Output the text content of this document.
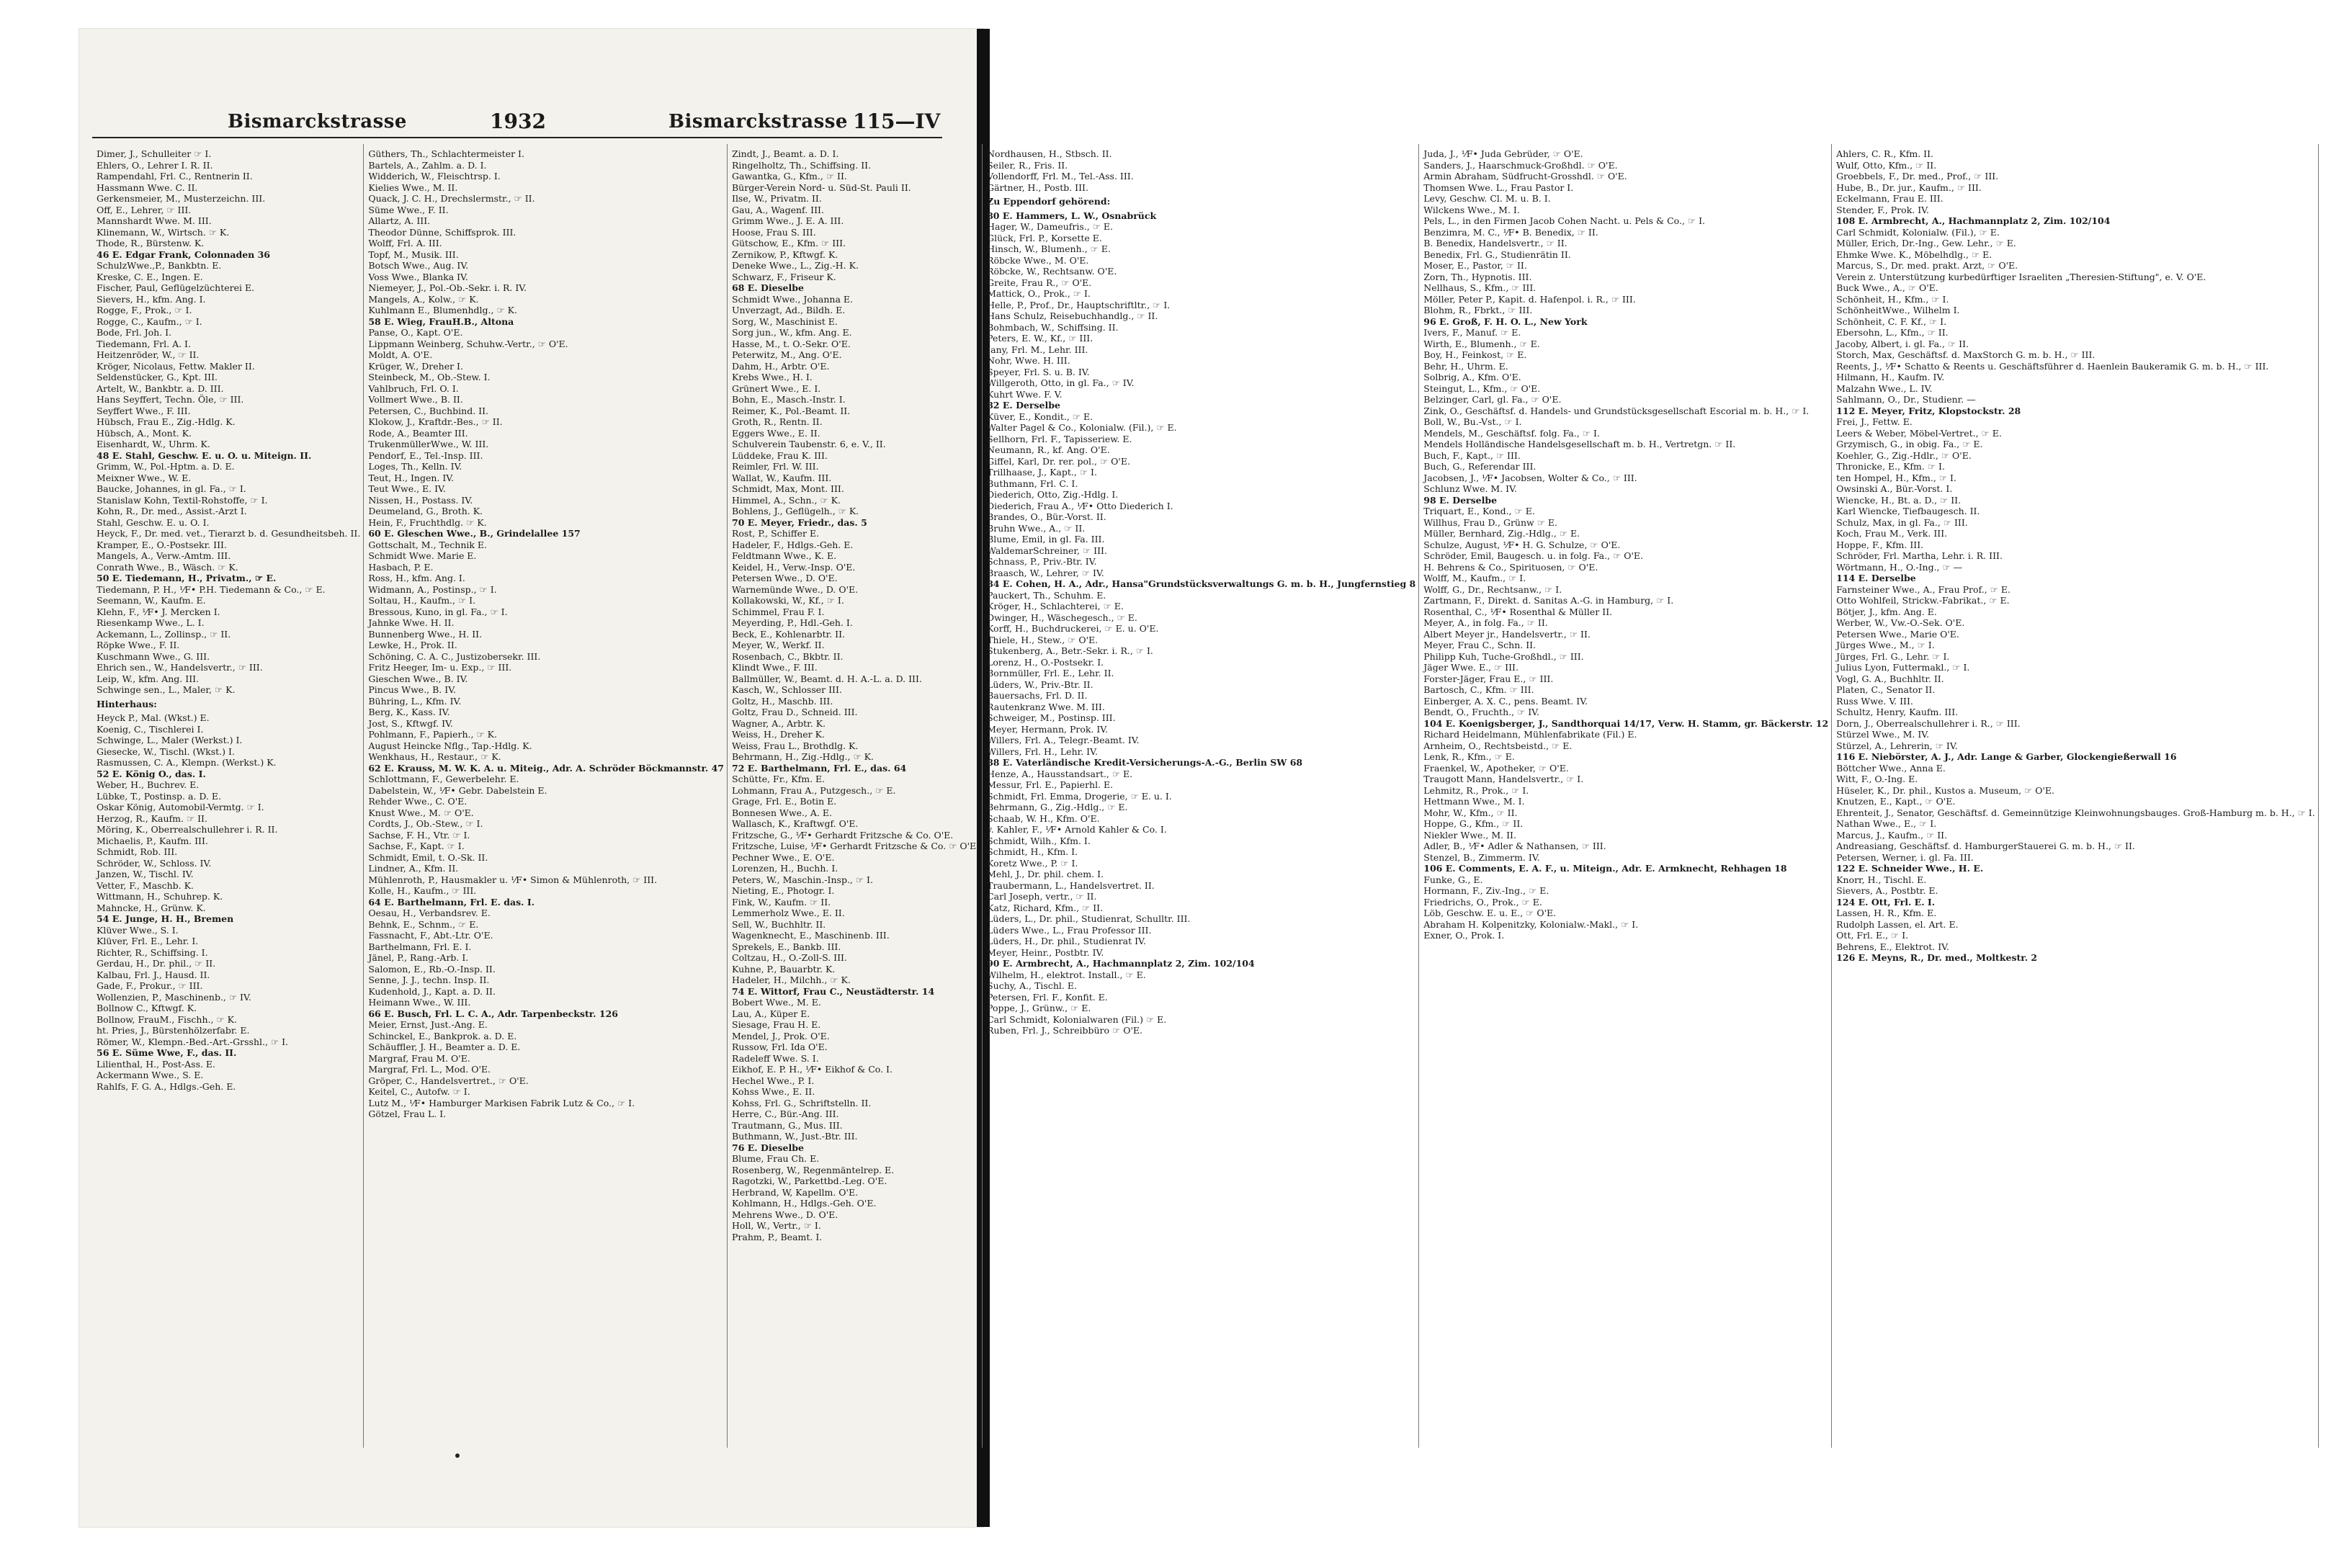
Bismarckstrasse	1932	Bismarckstrasse 115—IV
Dimer, J., Schulleiter ☞ I.
Ehlers, O., Lehrer I. R. II.
Rampendahl, Frl. C., Rentnerin II.
Hassmann Wwe. C. II.
Gerkensmeier, M., Musterzeichn. III.
Off, E., Lehrer, ☞ III.
Mannshardt Wwe. M. III.
Klinemann, W., Wirtsch. ☞ K.
Thode, R., Bürstenw. K.
46 E. Edgar Frank, Colonnaden 36
SchulzWwe.,P., Bankbtn. E.
Kreske, C. E., Ingen. E.
Fischer, Paul, Geflügelzüchterei E.
Sievers, H., kfm. Ang. I.
Rogge, F., Prok., ☞ I.
Rogge, C., Kaufm., ☞ I.
Bode, Frl. Joh. I.
Tiedemann, Frl. A. I.
Heitzenröder, W., ☞ II.
Kröger, Nicolaus, Fettw. Makler II.
Seldenstücker, G., Kpt. III.
Artelt, W., Bankbtr. a. D. III.
Hans Seyffert, Techn. Öle, ☞ III.
Seyffert Wwe., F. III.
Hübsch, Frau E., Zig.-Hdlg. K.
Hübsch, A., Mont. K.
Eisenhardt, W., Uhrm. K.
48 E. Stahl, Geschw. E. u. O. u. Miteign. II.
Grimm, W., Pol.-Hptm. a. D. E.
Meixner Wwe., W. E.
Baucke, Johannes, in gl. Fa., ☞ I.
Stanislaw Kohn, Textil-Rohstoffe, ☞ I.
Kohn, R., Dr. med., Assist.-Arzt I.
Stahl, Geschw. E. u. O. I.
Heyck, F., Dr. med. vet., Tierarzt b. d. Gesundheitsbeh. II.
Kramper, E., O.-Postsekr. III.
Mangels, A., Verw.-Amtm. III.
Conrath Wwe., B., Wäsch. ☞ K.
50 E. Tiedemann, H., Privatm., ☞ E.
Tiedemann, P. H., ⅟F• P.H. Tiedemann & Co., ☞ E.
Seemann, W., Kaufm. E.
Klehn, F., ⅟F• J. Mercken I.
Riesenkamp Wwe., L. I.
Ackemann, L., Zollinsp., ☞ II.
Röpke Wwe., F. II.
Kuschmann Wwe., G. III.
Ehrich sen., W., Handelsvertr., ☞ III.
Leip, W., kfm. Ang. III.
Schwinge sen., L., Maler, ☞ K.
Hinterhaus:
Heyck P., Mal. (Wkst.) E.
Koenig, C., Tischlerei I.
Schwinge, L., Maler (Werkst.) I.
Giesecke, W., Tischl. (Wkst.) I.
Rasmussen, C. A., Klempn. (Werkst.) K.
52 E. König O., das. I.
Weber, H., Buchrev. E.
Lübke, T., Postinsp. a. D. E.
Oskar König, Automobil-Vermtg. ☞ I.
Herzog, R., Kaufm. ☞ II.
Möring, K., Oberrealschullehrer i. R. II.
Michaelis, P., Kaufm. III.
Schmidt, Rob. III.
Schröder, W., Schloss. IV.
Janzen, W., Tischl. IV.
Vetter, F., Maschb. K.
Wittmann, H., Schuhrep. K.
Mahncke, H., Grünw. K.
54 E. Junge, H. H., Bremen
Klüver Wwe., S. I.
Klüver, Frl. E., Lehr. I.
Richter, R., Schiffsing. I.
Gerdau, H., Dr. phil., ☞ II.
Kalbau, Frl. J., Hausd. II.
Gade, F., Prokur., ☞ III.
Wollenzien, P., Maschinenb., ☞ IV.
Bollnow C., Kftwgf. K.
Bollnow, FrauM., Fischh., ☞ K.
ht. Pries, J., Bürstenhölzerfabr. E.
Römer, W., Klempn.-Bed.-Art.-Grsshl., ☞ I.
56 E. Süme Wwe, F., das. II.
Lilienthal, H., Post-Ass. E.
Ackermann Wwe., S. E.
Rahlfs, F. G. A., Hdlgs.-Geh. E.
Güthers, Th., Schlachtermeister I.
Bartels, A., Zahlm. a. D. I.
Widderich, W., Fleischtrsp. I.
Kielies Wwe., M. II.
Quack, J. C. H., Drechslermstr., ☞ II.
Süme Wwe., F. II.
Allartz, A. III.
Theodor Dünne, Schiffsprok. III.
Wolff, Frl. A. III.
Topf, M., Musik. III.
Botsch Wwe., Aug. IV.
Voss Wwe., Blanka IV.
Niemeyer, J., Pol.-Ob.-Sekr. i. R. IV.
Mangels, A., Kolw., ☞ K.
Kuhlmann E., Blumenhdlg., ☞ K.
58 E. Wieg, FrauH.B., Altona
Panse, O., Kapt. O'E.
Lippmann Weinberg, Schuhw.-Vertr., ☞ O'E.
Moldt, A. O'E.
Krüger, W., Dreher I.
Steinbeck, M., Ob.-Stew. I.
Vahlbruch, Frl. O. I.
Vollmert Wwe., B. II.
Petersen, C., Buchbind. II.
Klokow, J., Kraftdr.-Bes., ☞ II.
Rode, A., Beamter III.
TrukenmüllerWwe., W. III.
Pendorf, E., Tel.-Insp. III.
Loges, Th., Kelln. IV.
Teut, H., Ingen. IV.
Teut Wwe., E. IV.
Nissen, H., Postass. IV.
Deumeland, G., Broth. K.
Hein, F., Fruchthdlg. ☞ K.
60 E. Gleschen Wwe., B., Grindelallee 157
Gottschalt, M., Technik E.
Schmidt Wwe. Marie E.
Hasbach, P. E.
Ross, H., kfm. Ang. I.
Widmann, A., Postinsp., ☞ I.
Soltau, H., Kaufm., ☞ I.
Bressous, Kuno, in gl. Fa., ☞ I.
Jahnke Wwe. H. II.
Bunnenberg Wwe., H. II.
Lewke, H., Prok. II.
Schöning, C. A. C., Justizobersekr. III.
Fritz Heeger, Im- u. Exp., ☞ III.
Gieschen Wwe., B. IV.
Pincus Wwe., B. IV.
Bühring, L., Kfm. IV.
Berg, K., Kass. IV.
Jost, S., Kftwgf. IV.
Pohlmann, F., Papierh., ☞ K.
August Heincke Nflg., Tap.-Hdlg. K.
Wenkhaus, H., Restaur., ☞ K.
62 E. Krauss, M. W. K. A. u. Miteig., Adr. A. Schröder Böckmannstr. 47
Schlottmann, F., Gewerbelehr. E.
Dabelstein, W., ⅟F• Gebr. Dabelstein E.
Rehder Wwe., C. O'E.
Knust Wwe., M. ☞ O'E.
Cordts, J., Ob.-Stew., ☞ I.
Sachse, F. H., Vtr. ☞ I.
Sachse, F., Kapt. ☞ I.
Schmidt, Emil, t. O.-Sk. II.
Lindner, A., Kfm. II.
Mühlenroth, P., Hausmakler u. ⅟F• Simon & Mühlenroth, ☞ III.
Kolle, H., Kaufm., ☞ III.
64 E. Barthelmann, Frl. E. das. I.
Oesau, H., Verbandsrev. E.
Behnk, E., Schnm., ☞ E.
Fassnacht, F., Abt.-Ltr. O'E.
Barthelmann, Frl. E. I.
Jänel, P., Rang.-Arb. I.
Salomon, E., Rb.-O.-Insp. II.
Senne, J. J., techn. Insp. II.
Kudenhold, J., Kapt. a. D. II.
Heimann Wwe., W. III.
66 E. Busch, Frl. L. C. A., Adr. Tarpenbeckstr. 126
Meier, Ernst, Just.-Ang. E.
Schinckel, E., Bankprok. a. D. E.
Schäuffler, J. H., Beamter a. D. E.
Margraf, Frau M. O'E.
Margraf, Frl. L., Mod. O'E.
Gröper, C., Handelsvertret., ☞ O'E.
Keitel, C., Autofw. ☞ I.
Lutz M., ⅟F• Hamburger Markisen Fabrik Lutz & Co., ☞ I.
Götzel, Frau L. I.
Zindt, J., Beamt. a. D. I.
Ringelholtz, Th., Schiffsing. II.
Gawantka, G., Kfm., ☞ II.
Bürger-Verein Nord- u. Süd-St. Pauli II.
Ilse, W., Privatm. II.
Gau, A., Wagenf. III.
Grimm Wwe., J. E. A. III.
Hoose, Frau S. III.
Gütschow, E., Kfm. ☞ III.
Zernikow, P., Kftwgf. K.
Deneke Wwe., L., Zig.-H. K.
Schwarz, F., Friseur K.
68 E. Dieselbe
Schmidt Wwe., Johanna E.
Unverzagt, Ad., Bildh. E.
Sorg, W., Maschinist E.
Sorg jun., W., kfm. Ang. E.
Hasse, M., t. O.-Sekr. O'E.
Peterwitz, M., Ang. O'E.
Dahm, H., Arbtr. O'E.
Krebs Wwe., H. I.
Grünert Wwe., E. I.
Bohn, E., Masch.-Instr. I.
Reimer, K., Pol.-Beamt. II.
Groth, R., Rentn. II.
Eggers Wwe., E. II.
Schulverein Taubenstr. 6, e. V., II.
Lüddeke, Frau K. III.
Reimler, Frl. W. III.
Wallat, W., Kaufm. III.
Schmidt, Max, Mont. III.
Himmel, A., Schn., ☞ K.
Bohlens, J., Geflügelh., ☞ K.
70 E. Meyer, Friedr., das. 5
Rost, P., Schiffer E.
Hadeler, F., Hdlgs.-Geh. E.
Feldtmann Wwe., K. E.
Keidel, H., Verw.-Insp. O'E.
Petersen Wwe., D. O'E.
Warnemünde Wwe., D. O'E.
Kollakowski, W., Kf., ☞ I.
Schimmel, Frau F. I.
Meyerding, P., Hdl.-Geh. I.
Beck, E., Kohlenarbtr. II.
Meyer, W., Werkf. II.
Rosenbach, C., Bkbtr. II.
Klindt Wwe., F. III.
Ballmüller, W., Beamt. d. H. A.-L. a. D. III.
Kasch, W., Schlosser III.
Goltz, H., Maschb. III.
Goltz, Frau D., Schneid. III.
Wagner, A., Arbtr. K.
Weiss, H., Dreher K.
Weiss, Frau L., Brothdlg. K.
Behrmann, H., Zig.-Hdlg., ☞ K.
72 E. Barthelmann, Frl. E., das. 64
Schütte, Fr., Kfm. E.
Lohmann, Frau A., Putzgesch., ☞ E.
Grage, Frl. E., Botin E.
Bonnesen Wwe., A. E.
Wallasch, K., Kraftwgf. O'E.
Fritzsche, G., ⅟F• Gerhardt Fritzsche & Co. O'E.
Fritzsche, Luise, ⅟F• Gerhardt Fritzsche & Co. ☞ O'E.
Pechner Wwe., E. O'E.
Lorenzen, H., Buchh. I.
Peters, W., Maschin.-Insp., ☞ I.
Nieting, E., Photogr. I.
Fink, W., Kaufm. ☞ II.
Lemmerholz Wwe., E. II.
Sell, W., Buchhltr. II.
Wagenknecht, E., Maschinenb. III.
Sprekels, E., Bankb. III.
Coltzau, H., O.-Zoll-S. III.
Kuhne, P., Bauarbtr. K.
Hadeler, H., Milchh., ☞ K.
74 E. Wittorf, Frau C., Neustädterstr. 14
Bobert Wwe., M. E.
Lau, A., Küper E.
Siesage, Frau H. E.
Mendel, J., Prok. O'E.
Russow, Frl. Ida O'E.
Radeleff Wwe. S. I.
Eikhof, E. P. H., ⅟F• Eikhof & Co. I.
Hechel Wwe., P. I.
Kohss Wwe., E. II.
Kohss, Frl. G., Schriftstelln. II.
Herre, C., Bür.-Ang. III.
Trautmann, G., Mus. III.
Buthmann, W., Just.-Btr. III.
76 E. Dieselbe
Blume, Frau Ch. E.
Rosenberg, W., Regenmäntelrep. E.
Ragotzki, W., Parkettbd.-Leg. O'E.
Herbrand, W, Kapellm. O'E.
Kohlmann, H., Hdlgs.-Geh. O'E.
Mehrens Wwe., D. O'E.
Holl, W., Vertr., ☞ I.
Prahm, P., Beamt. I.
Nordhausen, H., Stbsch. II.
Seiler, R., Fris. II.
Vollendorff, Frl. M., Tel.-Ass. III.
Gärtner, H., Postb. III.
Zu Eppendorf gehörend:
80 E. Hammers, L. W., Osnabrück
Hager, W., Dameufris., ☞ E.
Glück, Frl. P., Korsette E.
Hinsch, W., Blumenh., ☞ E.
Röbcke Wwe., M. O'E.
Röbcke, W., Rechtsanw. O'E.
Greite, Frau R., ☞ O'E.
Mattick, O., Prok., ☞ I.
Helle, P., Prof., Dr., Hauptschriftltr., ☞ I.
Hans Schulz, Reisebuchhandlg., ☞ II.
Bohmbach, W., Schiffsing. II.
Peters, E. W., Kf., ☞ III.
Jany, Frl. M., Lehr. III.
Nohr, Wwe. H. III.
Speyer, Frl. S. u. B. IV.
Willgeroth, Otto, in gl. Fa., ☞ IV.
Kuhrt Wwe. F. V.
82 E. Derselbe
Küver, E., Kondit., ☞ E.
Walter Pagel & Co., Kolonialw. (Fil.), ☞ E.
Sellhorn, Frl. F., Tapisseriew. E.
Neumann, R., kf. Ang. O'E.
Giffel, Karl, Dr. rer. pol., ☞ O'E.
Trillhaase, J., Kapt., ☞ I.
Buthmann, Frl. C. I.
Diederich, Otto, Zig.-Hdlg. I.
Diederich, Frau A., ⅟F• Otto Diederich I.
Brandes, O., Bür.-Vorst. II.
Bruhn Wwe., A., ☞ II.
Blume, Emil, in gl. Fa. III.
WaldemarSchreiner, ☞ III.
Schnass, P., Priv.-Btr. IV.
Braasch, W., Lehrer, ☞ IV.
84 E. Cohen, H. A., Adr., Hansa"Grundstücksverwaltungs G. m. b. H., Jungfernstieg 8
Pauckert, Th., Schuhm. E.
Kröger, H., Schlachterei, ☞ E.
Dwinger, H., Wäschegesch., ☞ E.
Korff, H., Buchdruckerei, ☞ E. u. O'E.
Thiele, H., Stew., ☞ O'E.
Stukenberg, A., Betr.-Sekr. i. R., ☞ I.
Lorenz, H., O.-Postsekr. I.
Bornmüller, Frl. E., Lehr. II.
Lüders, W., Priv.-Btr. II.
Bauersachs, Frl. D. II.
Rautenkranz Wwe. M. III.
Schweiger, M., Postinsp. III.
Meyer, Hermann, Prok. IV.
Willers, Frl. A., Telegr.-Beamt. IV.
Willers, Frl. H., Lehr. IV.
88 E. Vaterländische Kredit-Versicherungs-A.-G., Berlin SW 68
Henze, A., Hausstandsart., ☞ E.
Messur, Frl. E., Papierhl. E.
Schmidt, Frl. Emma, Drogerie, ☞ E. u. I.
Behrmann, G., Zig.-Hdlg., ☞ E.
Schaab, W. H., Kfm. O'E.
v. Kahler, F., ⅟F• Arnold Kahler & Co. I.
Schmidt, Wilh., Kfm. I.
Schmidt, H., Kfm. I.
Koretz Wwe., P. ☞ I.
Mehl, J., Dr. phil. chem. I.
Traubermann, L., Handelsvertret. II.
Carl Joseph, vertr., ☞ II.
Katz, Richard, Kfm., ☞ II.
Lüders, L., Dr. phil., Studienrat, Schulltr. III.
Lüders Wwe., L., Frau Professor III.
Lüders, H., Dr. phil., Studienrat IV.
Meyer, Heinr., Postbtr. IV.
90 E. Armbrecht, A., Hachmannplatz 2, Zim. 102/104
Wilhelm, H., elektrot. Install., ☞ E.
Suchy, A., Tischl. E.
Petersen, Frl. F., Konfit. E.
Poppe, J., Grünw., ☞ E.
Carl Schmidt, Kolonialwaren (Fil.) ☞ E.
Ruben, Frl. J., Schreibbüro ☞ O'E.
Juda, J., ⅟F• Juda Gebrüder, ☞ O'E.
Sanders, J., Haarschmuck-Großhdl. ☞ O'E.
Armin Abraham, Südfrucht-Grosshdl. ☞ O'E.
Thomsen Wwe. L., Frau Pastor I.
Levy, Geschw. Cl. M. u. B. I.
Wilckens Wwe., M. I.
Pels, L., in den Firmen Jacob Cohen Nacht. u. Pels & Co., ☞ I.
Benzimra, M. C., ⅟F• B. Benedix, ☞ II.
B. Benedix, Handelsvertr., ☞ II.
Benedix, Frl. G., Studienrätin II.
Moser, E., Pastor, ☞ II.
Zorn, Th., Hypnotis. III.
Nellhaus, S., Kfm., ☞ III.
Möller, Peter P., Kapit. d. Hafenpol. i. R., ☞ III.
Blohm, R., Fbrkt., ☞ III.
96 E. Groß, F. H. O. L., New York
Ivers, F., Manuf. ☞ E.
Wirth, E., Blumenh., ☞ E.
Boy, H., Feinkost, ☞ E.
Behr, H., Uhrm. E.
Solbrig, A., Kfm. O'E.
Steingut, L., Kfm., ☞ O'E.
Belzinger, Carl, gl. Fa., ☞ O'E.
Zink, O., Geschäftsf. d. Handels- und Grundstücksgesellschaft Escorial m. b. H., ☞ I.
Boll, W., Bu.-Vst., ☞ I.
Mendels, M., Geschäftsf. folg. Fa., ☞ I.
Mendels Holländische Handelsgesellschaft m. b. H., Vertretgn. ☞ II.
Buch, F., Kapt., ☞ III.
Buch, G., Referendar III.
Jacobsen, J., ⅟F• Jacobsen, Wolter & Co., ☞ III.
Schlunz Wwe. M. IV.
98 E. Derselbe
Triquart, E., Kond., ☞ E.
Willhus, Frau D., Grünw ☞ E.
Müller, Bernhard, Zig.-Hdlg., ☞ E.
Schulze, August, ⅟F• H. G. Schulze, ☞ O'E.
Schröder, Emil, Baugesch. u. in folg. Fa., ☞ O'E.
H. Behrens & Co., Spirituosen, ☞ O'E.
Wolff, M., Kaufm., ☞ I.
Wolff, G., Dr., Rechtsanw., ☞ I.
Zartmann, F., Direkt. d. Sanitas A.-G. in Hamburg, ☞ I.
Rosenthal, C., ⅟F• Rosenthal & Müller II.
Meyer, A., in folg. Fa., ☞ II.
Albert Meyer jr., Handelsvertr., ☞ II.
Meyer, Frau C., Schn. II.
Philipp Kuh, Tuche-Großhdl., ☞ III.
Jäger Wwe. E., ☞ III.
Forster-Jäger, Frau E., ☞ III.
Bartosch, C., Kfm. ☞ III.
Einberger, A. X. C., pens. Beamt. IV.
Bendt, O., Fruchth., ☞ IV.
104 E. Koenigsberger, J., Sandthorquai 14/17, Verw. H. Stamm, gr. Bäckerstr. 12
Richard Heidelmann, Mühlenfabrikate (Fil.) E.
Arnheim, O., Rechtsbeistd., ☞ E.
Lenk, R., Kfm., ☞ E.
Fraenkel, W., Apotheker, ☞ O'E.
Traugott Mann, Handelsvertr., ☞ I.
Lehmitz, R., Prok., ☞ I.
Hettmann Wwe., M. I.
Mohr, W., Kfm., ☞ II.
Hoppe, G., Kfm., ☞ II.
Niekler Wwe., M. II.
Adler, B., ⅟F• Adler & Nathansen, ☞ III.
Stenzel, B., Zimmerm. IV.
106 E. Comments, E. A. F., u. Miteign., Adr. E. Armknecht, Rehhagen 18
Funke, G., E.
Hormann, F., Ziv.-Ing., ☞ E.
Friedrichs, O., Prok., ☞ E.
Löb, Geschw. E. u. E., ☞ O'E.
Abraham H. Kolpenitzky, Kolonialw.-Makl., ☞ I.
Exner, O., Prok. I.
Ahlers, C. R., Kfm. II.
Wulf, Otto, Kfm., ☞ II.
Groebbels, F., Dr. med., Prof., ☞ III.
Hube, B., Dr. jur., Kaufm., ☞ III.
Eckelmann, Frau E. III.
Stender, F., Prok. IV.
108 E. Armbrecht, A., Hachmannplatz 2, Zim. 102/104
Carl Schmidt, Kolonialw. (Fil.), ☞ E.
Müller, Erich, Dr.-Ing., Gew. Lehr., ☞ E.
Ehmke Wwe. K., Möbelhdlg., ☞ E.
Marcus, S., Dr. med. prakt. Arzt, ☞ O'E.
Verein z. Unterstützung kurbedürftiger Israeliten „Theresien-Stiftung", e. V. O'E.
Buck Wwe., A., ☞ O'E.
Schönheit, H., Kfm., ☞ I.
SchönheitWwe., Wilhelm I.
Schönheit, C. F. Kf., ☞ I.
Ebersohn, L., Kfm., ☞ II.
Jacoby, Albert, i. gl. Fa., ☞ II.
Storch, Max, Geschäftsf. d. MaxStorch G. m. b. H., ☞ III.
Reents, J., ⅟F• Schatto & Reents u. Geschäftsführer d. Haenlein Baukeramik G. m. b. H., ☞ III.
Hilmann, H., Kaufm. IV.
Malzahn Wwe., L. IV.
Sahlmann, O., Dr., Studienr. —
112 E. Meyer, Fritz, Klopstockstr. 28
Frei, J., Fettw. E.
Leers & Weber, Möbel-Vertret., ☞ E.
Grzymisch, G., in obig. Fa., ☞ E.
Koehler, G., Zig.-Hdlr., ☞ O'E.
Thronicke, E., Kfm. ☞ I.
ten Hompel, H., Kfm., ☞ I.
Owsinski A., Bür.-Vorst. I.
Wiencke, H., Bt. a. D., ☞ II.
Karl Wiencke, Tiefbaugesch. II.
Schulz, Max, in gl. Fa., ☞ III.
Koch, Frau M., Verk. III.
Hoppe, F., Kfm. III.
Schröder, Frl. Martha, Lehr. i. R. III.
Wörtmann, H., O.-Ing., ☞ —
114 E. Derselbe
Farnsteiner Wwe., A., Frau Prof., ☞ E.
Otto Wohlfeil, Strickw.-Fabrikat., ☞ E.
Bötjer, J., kfm. Ang. E.
Werber, W., Vw.-O.-Sek. O'E.
Petersen Wwe., Marie O'E.
Jürges Wwe., M., ☞ I.
Jürges, Frl. G., Lehr. ☞ I.
Julius Lyon, Futtermakl., ☞ I.
Vogl, G. A., Buchhltr. II.
Platen, C., Senator II.
Russ Wwe. V. III.
Schultz, Henry, Kaufm. III.
Dorn, J., Oberrealschullehrer i. R., ☞ III.
Stürzel Wwe., M. IV.
Stürzel, A., Lehrerin, ☞ IV.
116 E. Niebörster, A. J., Adr. Lange & Garber, Glockengießerwall 16
Böttcher Wwe., Anna E.
Witt, F., O.-Ing. E.
Hüseler, K., Dr. phil., Kustos a. Museum, ☞ O'E.
Knutzen, E., Kapt., ☞ O'E.
Ehrenteit, J., Senator, Geschäftsf. d. Gemeinnützige Kleinwohnungsbauges. Groß-Hamburg m. b. H., ☞ I.
Nathan Wwe., E., ☞ I.
Marcus, J., Kaufm., ☞ II.
Andreasiang, Geschäftsf. d. HamburgerStauerei G. m. b. H., ☞ II.
Petersen, Werner, i. gl. Fa. III.
122 E. Schneider Wwe., H. E.
Knorr, H., Tischl. E.
Sievers, A., Postbtr. E.
124 E. Ott, Frl. E. I.
Lassen, H. R., Kfm. E.
Rudolph Lassen, el. Art. E.
Ott, Frl. E., ☞ I.
Behrens, E., Elektrot. IV.
126 E. Meyns, R., Dr. med., Moltkestr. 2
